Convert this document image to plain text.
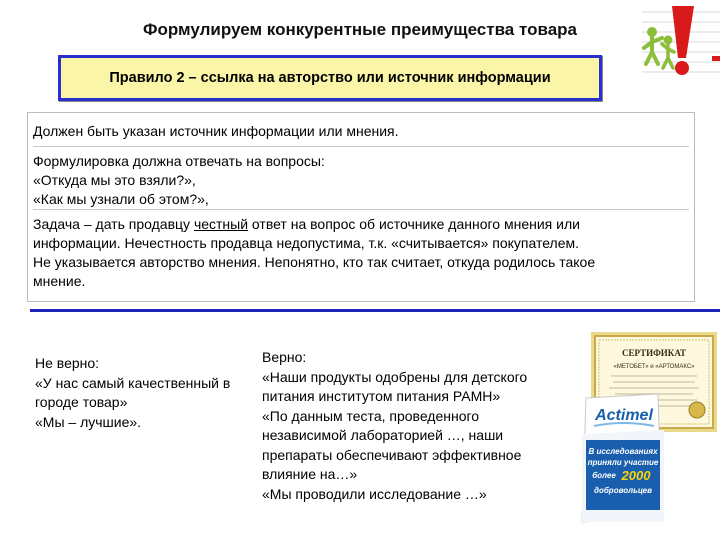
Формулируем конкурентные преимущества товара
Правило 2 – ссылка на авторство или источник информации
Должен быть указан источник информации или мнения.
Формулировка должна отвечать на вопросы:
«Откуда мы это взяли?»,
«Как мы узнали об этом?»,
Задача – дать продавцу честный ответ на вопрос об источнике данного мнения или
информации. Нечестность продавца недопустима, т.к. «считывается» покупателем.
Не указывается авторство мнения. Непонятно, кто так считает, откуда родилось такое
мнение.
Не верно:
«У нас самый качественный в
городе товар»
«Мы – лучшие».
СЕРТИФИКАТ
«МЕТОБЕТ» и «АРТОМАКС»
Actimel
В исследованиях
приняли участие
более 2000
добровольцев
Верно:
«Наши продукты одобрены для детского
питания институтом питания РАМН»
«По данным теста, проведенного
независимой лабораторией …, наши
препараты обеспечивают эффективное
влияние на…»
«Мы проводили исследование …»
